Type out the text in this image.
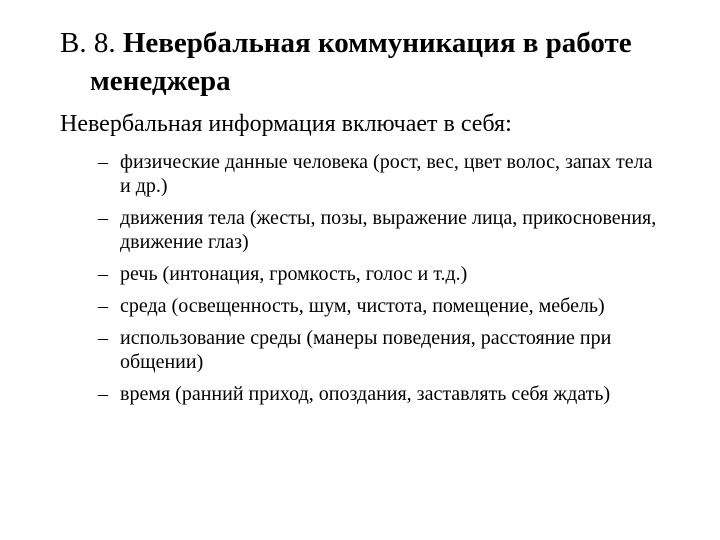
В. 8. Невербальная коммуникация в работе менеджера
Невербальная информация включает в себя:
– физические данные человека (рост, вес, цвет волос, запах тела и др.)
– движения тела (жесты, позы, выражение лица, прикосновения, движение глаз)
– речь (интонация, громкость, голос и т.д.)
– среда (освещенность, шум, чистота, помещение, мебель)
– использование среды (манеры поведения, расстояние при общении)
– время (ранний приход, опоздания, заставлять себя ждать)
